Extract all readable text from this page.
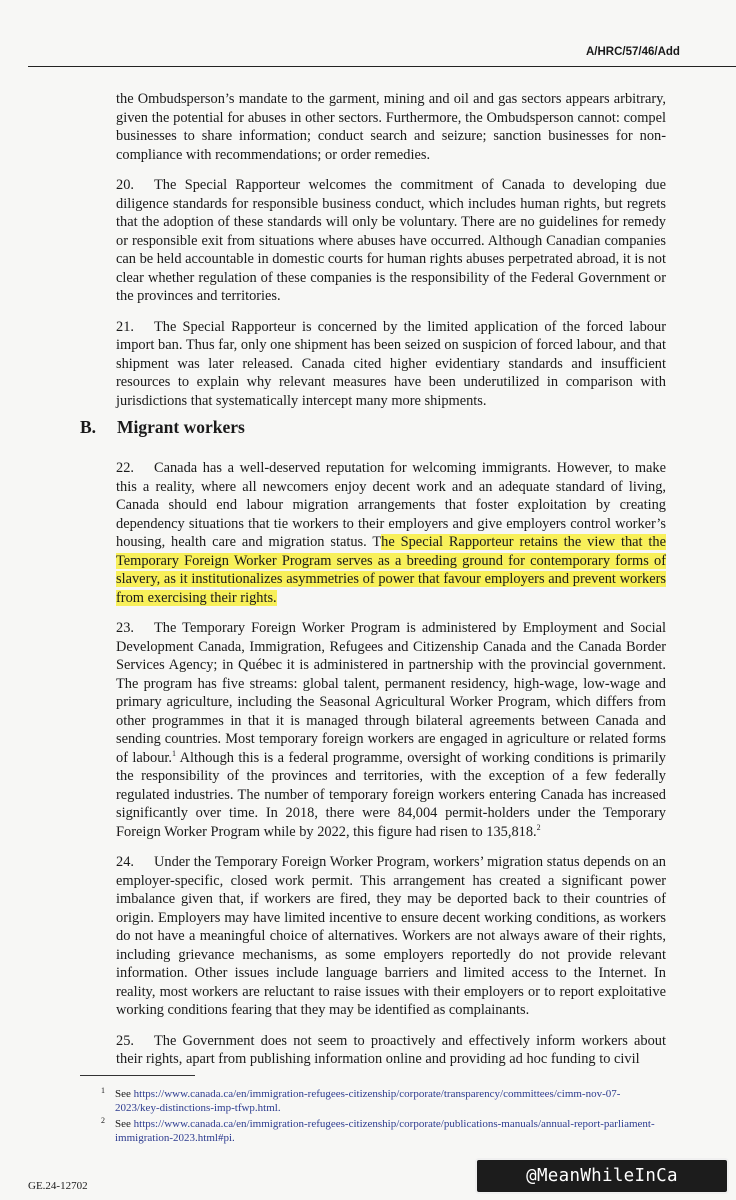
A/HRC/57/46/Add

the Ombudsperson’s mandate to the garment, mining and oil and gas sectors appears arbitrary, given the potential for abuses in other sectors. Furthermore, the Ombudsperson cannot: compel businesses to share information; conduct search and seizure; sanction businesses for non-compliance with recommendations; or order remedies.

20. The Special Rapporteur welcomes the commitment of Canada to developing due diligence standards for responsible business conduct, which includes human rights, but regrets that the adoption of these standards will only be voluntary. There are no guidelines for remedy or responsible exit from situations where abuses have occurred. Although Canadian companies can be held accountable in domestic courts for human rights abuses perpetrated abroad, it is not clear whether regulation of these companies is the responsibility of the Federal Government or the provinces and territories.

21. The Special Rapporteur is concerned by the limited application of the forced labour import ban. Thus far, only one shipment has been seized on suspicion of forced labour, and that shipment was later released. Canada cited higher evidentiary standards and insufficient resources to explain why relevant measures have been underutilized in comparison with jurisdictions that systematically intercept many more shipments.

B. Migrant workers

22. Canada has a well-deserved reputation for welcoming immigrants. However, to make this a reality, where all newcomers enjoy decent work and an adequate standard of living, Canada should end labour migration arrangements that foster exploitation by creating dependency situations that tie workers to their employers and give employers control worker’s housing, health care and migration status. The Special Rapporteur retains the view that the Temporary Foreign Worker Program serves as a breeding ground for contemporary forms of slavery, as it institutionalizes asymmetries of power that favour employers and prevent workers from exercising their rights.

23. The Temporary Foreign Worker Program is administered by Employment and Social Development Canada, Immigration, Refugees and Citizenship Canada and the Canada Border Services Agency; in Québec it is administered in partnership with the provincial government. The program has five streams: global talent, permanent residency, high-wage, low-wage and primary agriculture, including the Seasonal Agricultural Worker Program, which differs from other programmes in that it is managed through bilateral agreements between Canada and sending countries. Most temporary foreign workers are engaged in agriculture or related forms of labour.$^1$ Although this is a federal programme, oversight of working conditions is primarily the responsibility of the provinces and territories, with the exception of a few federally regulated industries. The number of temporary foreign workers entering Canada has increased significantly over time. In 2018, there were 84,004 permit-holders under the Temporary Foreign Worker Program while by 2022, this figure had risen to 135,818.$^2$

24. Under the Temporary Foreign Worker Program, workers’ migration status depends on an employer-specific, closed work permit. This arrangement has created a significant power imbalance given that, if workers are fired, they may be deported back to their countries of origin. Employers may have limited incentive to ensure decent working conditions, as workers do not have a meaningful choice of alternatives. Workers are not always aware of their rights, including grievance mechanisms, as some employers reportedly do not provide relevant information. Other issues include language barriers and limited access to the Internet. In reality, most workers are reluctant to raise issues with their employers or to report exploitative working conditions fearing that they may be identified as complainants.

25. The Government does not seem to proactively and effectively inform workers about their rights, apart from publishing information online and providing ad hoc funding to civil

1 See https://www.canada.ca/en/immigration-refugees-citizenship/corporate/transparency/committees/cimm-nov-07-2023/key-distinctions-imp-tfwp.html.
2 See https://www.canada.ca/en/immigration-refugees-citizenship/corporate/publications-manuals/annual-report-parliament-immigration-2023.html#pi.
GE.24-12702	@MeanWhileInCa
